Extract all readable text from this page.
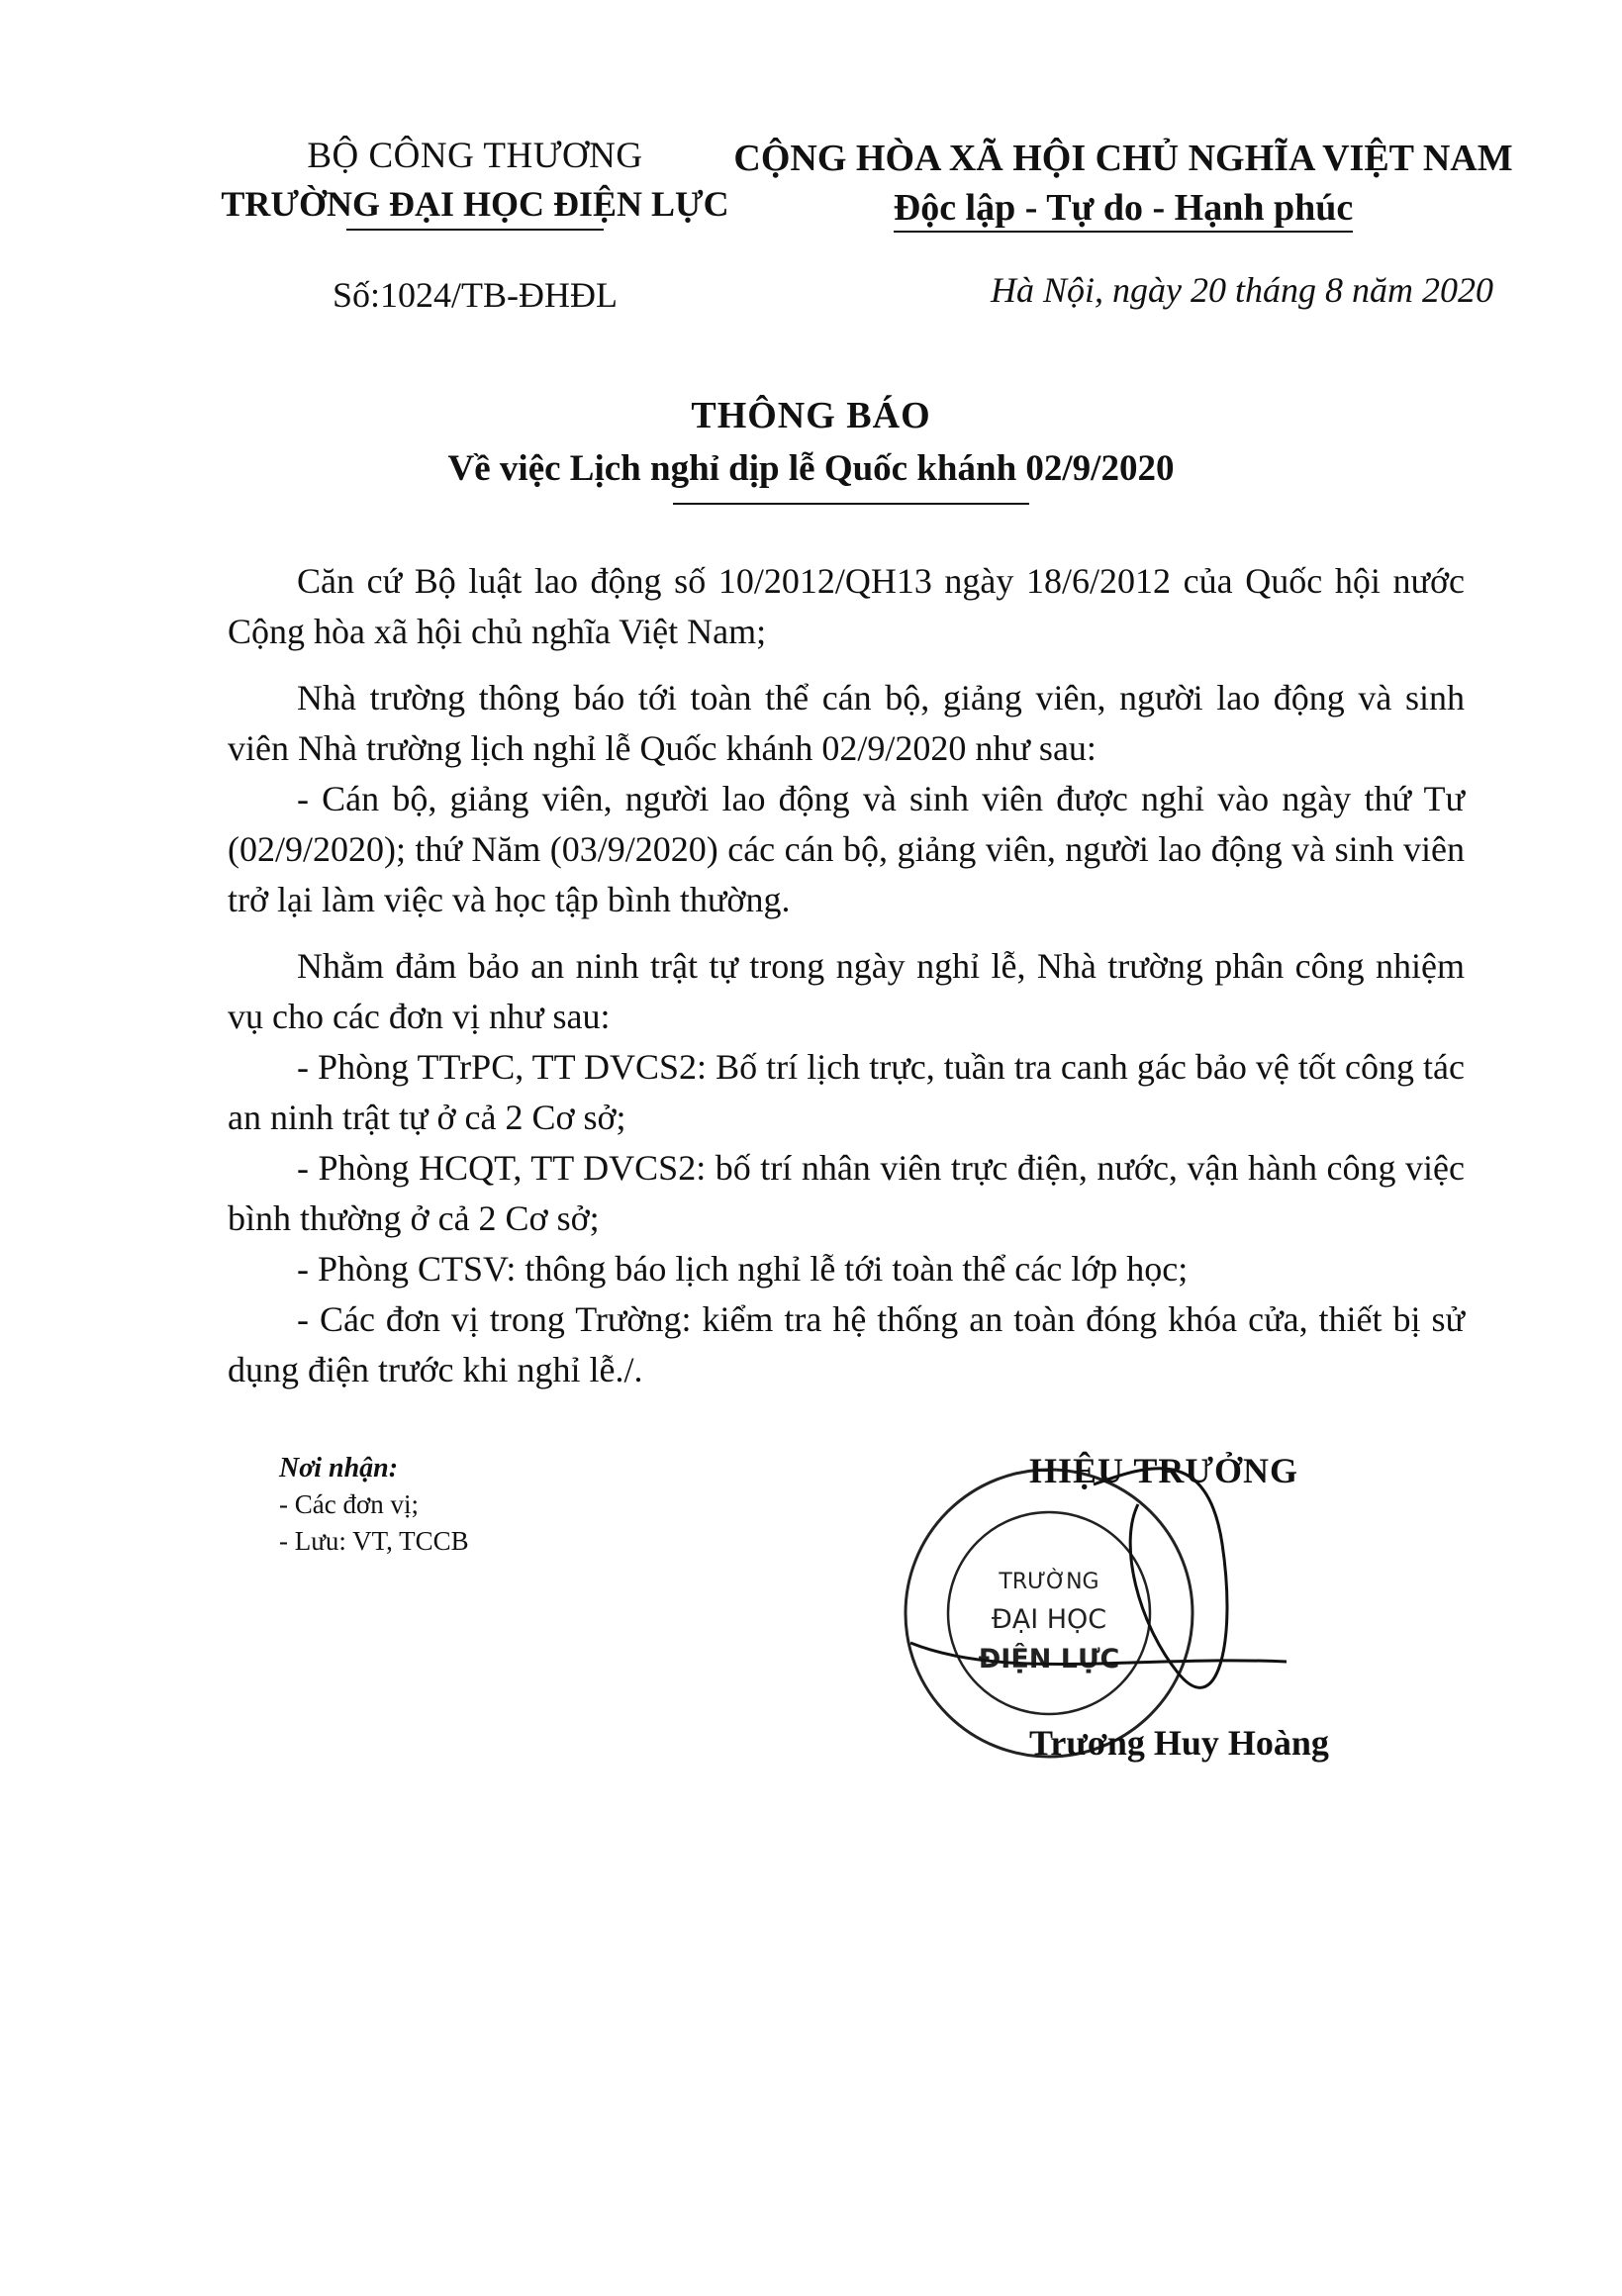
BỘ CÔNG THƯƠNG
TRƯỜNG ĐẠI HỌC ĐIỆN LỰC
Số:1024/TB-ĐHĐL
CỘNG HÒA XÃ HỘI CHỦ NGHĨA VIỆT NAM
Độc lập - Tự do - Hạnh phúc
Hà Nội, ngày 20 tháng 8 năm 2020
THÔNG BÁO
Về việc Lịch nghỉ dịp lễ Quốc khánh 02/9/2020

Căn cứ Bộ luật lao động số 10/2012/QH13 ngày 18/6/2012 của Quốc hội nước Cộng hòa xã hội chủ nghĩa Việt Nam;

Nhà trường thông báo tới toàn thể cán bộ, giảng viên, người lao động và sinh viên Nhà trường lịch nghỉ lễ Quốc khánh 02/9/2020 như sau:

- Cán bộ, giảng viên, người lao động và sinh viên được nghỉ vào ngày thứ Tư (02/9/2020); thứ Năm (03/9/2020) các cán bộ, giảng viên, người lao động và sinh viên trở lại làm việc và học tập bình thường.

Nhằm đảm bảo an ninh trật tự trong ngày nghỉ lễ, Nhà trường phân công nhiệm vụ cho các đơn vị như sau:

- Phòng TTrPC, TT DVCS2: Bố trí lịch trực, tuần tra canh gác bảo vệ tốt công tác an ninh trật tự ở cả 2 Cơ sở;

- Phòng HCQT, TT DVCS2: bố trí nhân viên trực điện, nước, vận hành công việc bình thường ở cả 2 Cơ sở;

- Phòng CTSV: thông báo lịch nghỉ lễ tới toàn thể các lớp học;

- Các đơn vị trong Trường: kiểm tra hệ thống an toàn đóng khóa cửa, thiết bị sử dụng điện trước khi nghỉ lễ./.

Nơi nhận:
- Các đơn vị;
- Lưu: VT, TCCB
TRƯỜNG
ĐẠI HỌC
ĐIỆN LỰC
HIỆU TRƯỞNG
Trương Huy Hoàng
